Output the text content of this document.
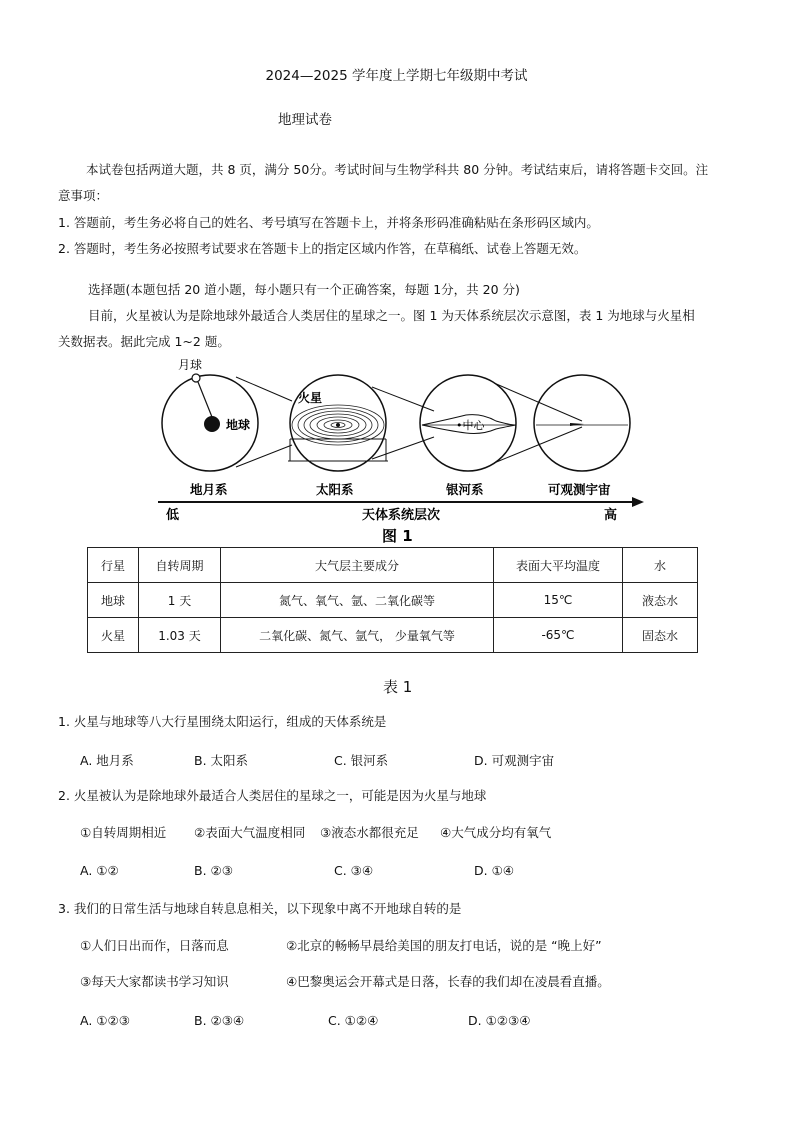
2024—2025 学年度上学期七年级期中考试
地理试卷
本试卷包括两道大题，共 8 页，满分 50分。考试时间与生物学科共 80 分钟。考试结束后，请将答题卡交回。注
意事项：
1. 答题前，考生务必将自己的姓名、考号填写在答题卡上，并将条形码准确粘贴在条形码区域内。
2. 答题时，考生务必按照考试要求在答题卡上的指定区域内作答，在草稿纸、试卷上答题无效。
选择题(本题包括 20 道小题，每小题只有一个正确答案，每题 1分，共 20 分)
目前，火星被认为是除地球外最适合人类居住的星球之一。图 1 为天体系统层次示意图，表 1 为地球与火星相
关数据表。据此完成 1~2 题。
月球
地球
火星
•中心
地月系	太阳系	银河系	可观测宇宙
低	天体系统层次	高
图 1
行星	自转周期	大气层主要成分	表面大平均温度	水
地球	1 天	氮气、氧气、氩、二氧化碳等	15℃	液态水
火星	1.03 天	二氧化碳、氮气、氩气， 少量氧气等	-65℃	固态水
表 1
1. 火星与地球等八大行星围绕太阳运行，组成的天体系统是
A. 地月系	B. 太阳系	C. 银河系	D. 可观测宇宙
2. 火星被认为是除地球外最适合人类居住的星球之一，可能是因为火星与地球
①自转周期相近 ②表面大气温度相同 ③液态水都很充足 ④大气成分均有氧气
A. ①②	B. ②③	C. ③④	D. ①④
3. 我们的日常生活与地球自转息息相关，以下现象中离不开地球自转的是
①人们日出而作，日落而息	②北京的畅畅早晨给美国的朋友打电话，说的是 “晚上好”
③每天大家都读书学习知识	④巴黎奥运会开幕式是日落，长春的我们却在凌晨看直播。
A. ①②③	B. ②③④	C. ①②④	D. ①②③④
